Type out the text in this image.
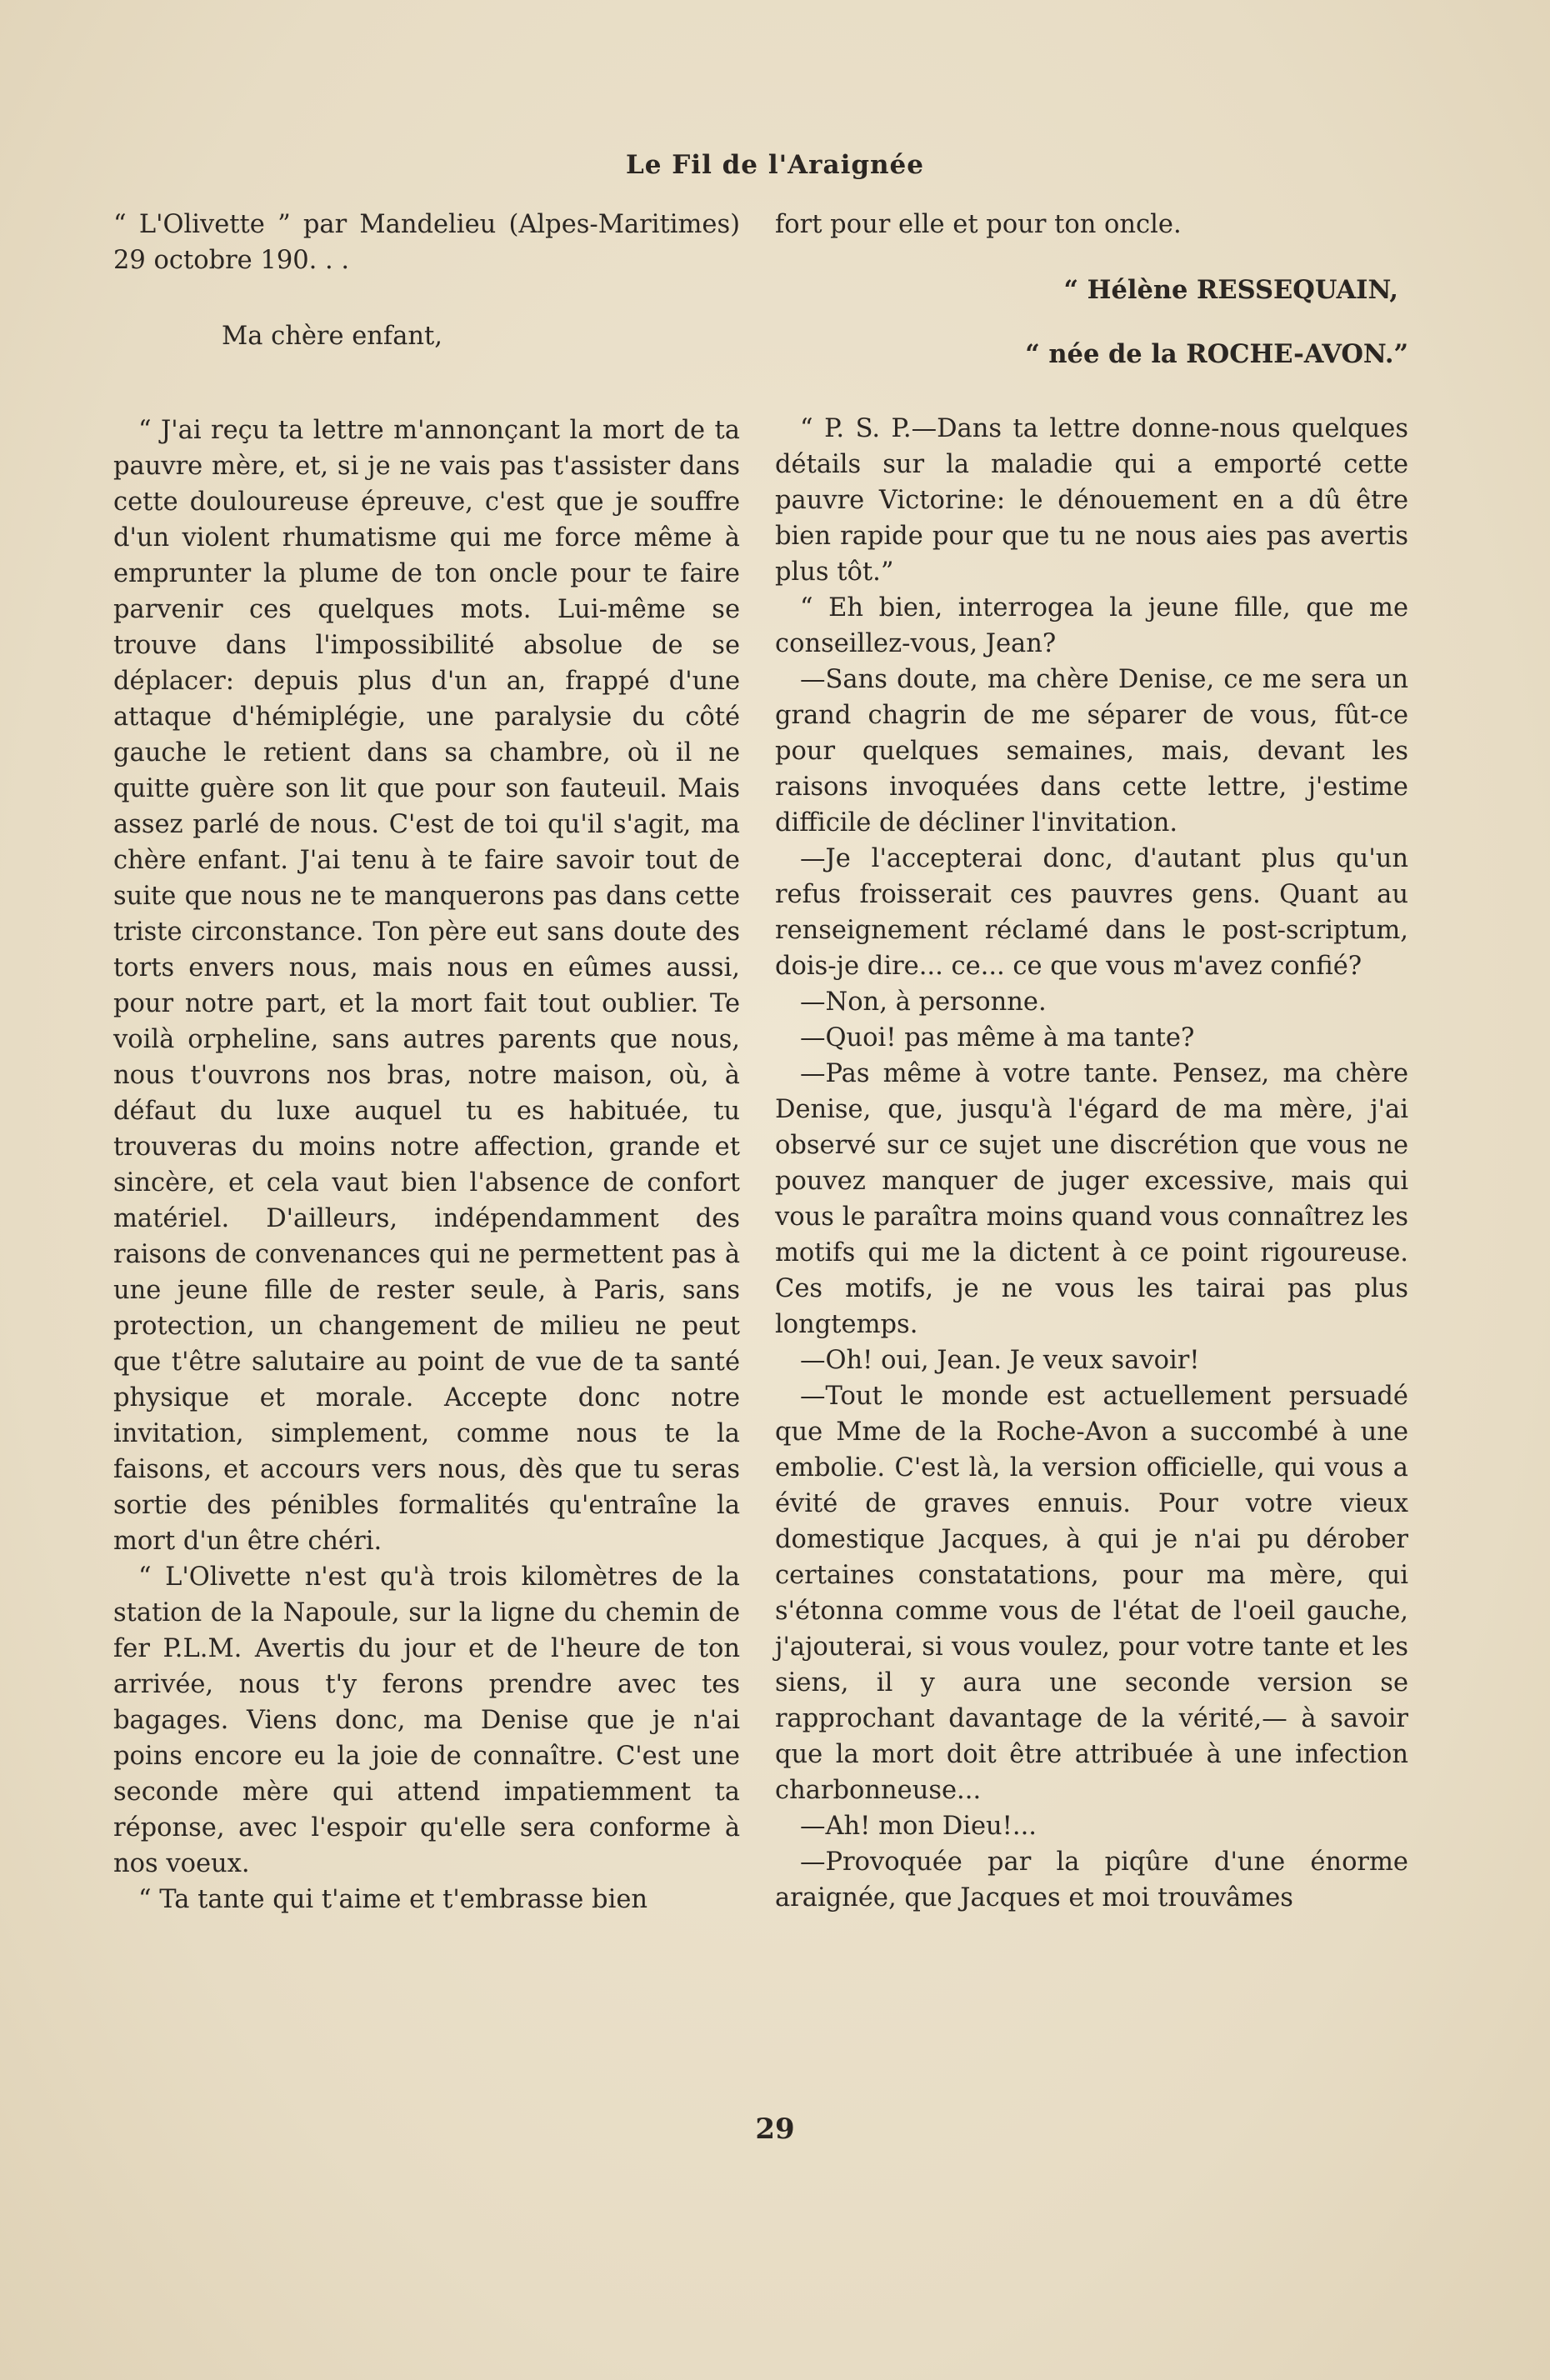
Le Fil de l'Araignée

“ L'Olivette ” par Mandelieu (Alpes-Maritimes) 29 octobre 190. . .

Ma chère enfant,

“ J'ai reçu ta lettre m'annonçant la mort de ta pauvre mère, et, si je ne vais pas t'assister dans cette douloureuse épreuve, c'est que je souffre d'un violent rhumatisme qui me force même à emprunter la plume de ton oncle pour te faire parvenir ces quelques mots. Lui-même se trouve dans l'impossibilité absolue de se déplacer: depuis plus d'un an, frappé d'une attaque d'hémiplégie, une paralysie du côté gauche le retient dans sa chambre, où il ne quitte guère son lit que pour son fauteuil. Mais assez parlé de nous. C'est de toi qu'il s'agit, ma chère enfant. J'ai tenu à te faire savoir tout de suite que nous ne te manquerons pas dans cette triste circonstance. Ton père eut sans doute des torts envers nous, mais nous en eûmes aussi, pour notre part, et la mort fait tout oublier. Te voilà orpheline, sans autres parents que nous, nous t'ouvrons nos bras, notre maison, où, à défaut du luxe auquel tu es habituée, tu trouveras du moins notre affection, grande et sincère, et cela vaut bien l'absence de confort matériel. D'ailleurs, indépendamment des raisons de convenances qui ne permettent pas à une jeune fille de rester seule, à Paris, sans protection, un changement de milieu ne peut que t'être salutaire au point de vue de ta santé physique et morale. Accepte donc notre invitation, simplement, comme nous te la faisons, et accours vers nous, dès que tu seras sortie des pénibles formalités qu'entraîne la mort d'un être chéri.

“ L'Olivette n'est qu'à trois kilomètres de la station de la Napoule, sur la ligne du chemin de fer P.L.M. Avertis du jour et de l'heure de ton arrivée, nous t'y ferons prendre avec tes bagages. Viens donc, ma Denise que je n'ai poins encore eu la joie de connaître. C'est une seconde mère qui attend impatiemment ta réponse, avec l'espoir qu'elle sera conforme à nos voeux.

“ Ta tante qui t'aime et t'embrasse bien

fort pour elle et pour ton oncle.

“ Hélène RESSEQUAIN,

“ née de la ROCHE-AVON.”

“ P. S. P.—Dans ta lettre donne-nous quelques détails sur la maladie qui a emporté cette pauvre Victorine: le dénouement en a dû être bien rapide pour que tu ne nous aies pas avertis plus tôt.”

“ Eh bien, interrogea la jeune fille, que me conseillez-vous, Jean?

—Sans doute, ma chère Denise, ce me sera un grand chagrin de me séparer de vous, fût-ce pour quelques semaines, mais, devant les raisons invoquées dans cette lettre, j'estime difficile de décliner l'invitation.

—Je l'accepterai donc, d'autant plus qu'un refus froisserait ces pauvres gens. Quant au renseignement réclamé dans le post-scriptum, dois-je dire... ce... ce que vous m'avez confié?

—Non, à personne.

—Quoi! pas même à ma tante?

—Pas même à votre tante. Pensez, ma chère Denise, que, jusqu'à l'égard de ma mère, j'ai observé sur ce sujet une discrétion que vous ne pouvez manquer de juger excessive, mais qui vous le paraîtra moins quand vous connaîtrez les motifs qui me la dictent à ce point rigoureuse. Ces motifs, je ne vous les tairai pas plus longtemps.

—Oh! oui, Jean. Je veux savoir!

—Tout le monde est actuellement persuadé que Mme de la Roche-Avon a succombé à une embolie. C'est là, la version officielle, qui vous a évité de graves ennuis. Pour votre vieux domestique Jacques, à qui je n'ai pu dérober certaines constatations, pour ma mère, qui s'étonna comme vous de l'état de l'oeil gauche, j'ajouterai, si vous voulez, pour votre tante et les siens, il y aura une seconde version se rapprochant davantage de la vérité,— à savoir que la mort doit être attribuée à une infection charbonneuse...

—Ah! mon Dieu!...

—Provoquée par la piqûre d'une énorme araignée, que Jacques et moi trouvâmes

29
